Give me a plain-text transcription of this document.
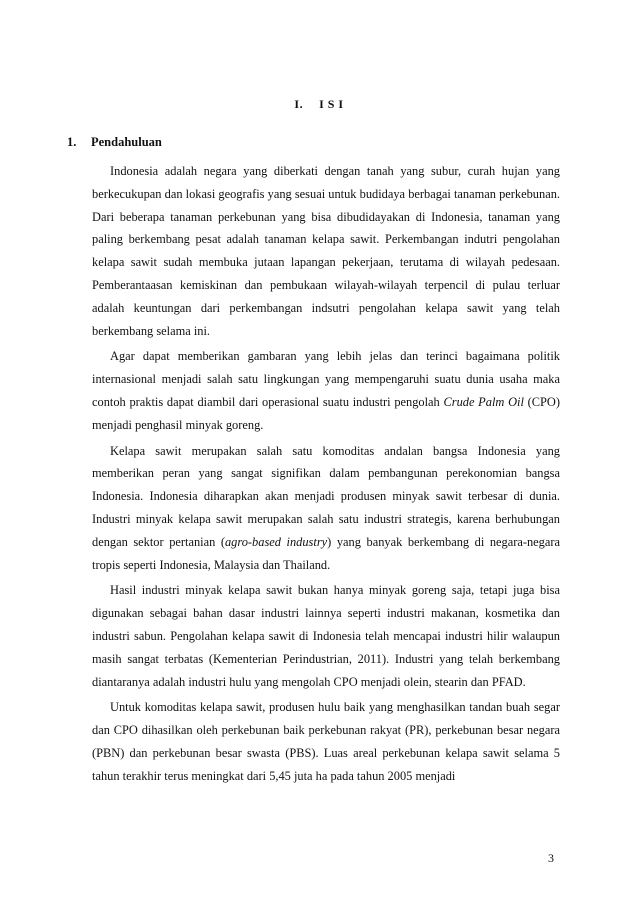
I. I S I
1. Pendahuluan

Indonesia adalah negara yang diberkati dengan tanah yang subur, curah hujan yang berkecukupan dan lokasi geografis yang sesuai untuk budidaya berbagai tanaman perkebunan. Dari beberapa tanaman perkebunan yang bisa dibudidayakan di Indonesia, tanaman yang paling berkembang pesat adalah tanaman kelapa sawit. Perkembangan indutri pengolahan kelapa sawit sudah membuka jutaan lapangan pekerjaan, terutama di wilayah pedesaan. Pemberantaasan kemiskinan dan pembukaan wilayah-wilayah terpencil di pulau terluar adalah keuntungan dari perkembangan indsutri pengolahan kelapa sawit yang telah berkembang selama ini.

Agar dapat memberikan gambaran yang lebih jelas dan terinci bagaimana politik internasional menjadi salah satu lingkungan yang mempengaruhi suatu dunia usaha maka contoh praktis dapat diambil dari operasional suatu industri pengolah Crude Palm Oil (CPO) menjadi penghasil minyak goreng.

Kelapa sawit merupakan salah satu komoditas andalan bangsa Indonesia yang memberikan peran yang sangat signifikan dalam pembangunan perekonomian bangsa Indonesia. Indonesia diharapkan akan menjadi produsen minyak sawit terbesar di dunia. Industri minyak kelapa sawit merupakan salah satu industri strategis, karena berhubungan dengan sektor pertanian (agro-based industry) yang banyak berkembang di negara-negara tropis seperti Indonesia, Malaysia dan Thailand.

Hasil industri minyak kelapa sawit bukan hanya minyak goreng saja, tetapi juga bisa digunakan sebagai bahan dasar industri lainnya seperti industri makanan, kosmetika dan industri sabun. Pengolahan kelapa sawit di Indonesia telah mencapai industri hilir walaupun masih sangat terbatas (Kementerian Perindustrian, 2011). Industri yang telah berkembang diantaranya adalah industri hulu yang mengolah CPO menjadi olein, stearin dan PFAD.

Untuk komoditas kelapa sawit, produsen hulu baik yang menghasilkan tandan buah segar dan CPO dihasilkan oleh perkebunan baik perkebunan rakyat (PR), perkebunan besar negara (PBN) dan perkebunan besar swasta (PBS). Luas areal perkebunan kelapa sawit selama 5 tahun terakhir terus meningkat dari 5,45 juta ha pada tahun 2005 menjadi

3
